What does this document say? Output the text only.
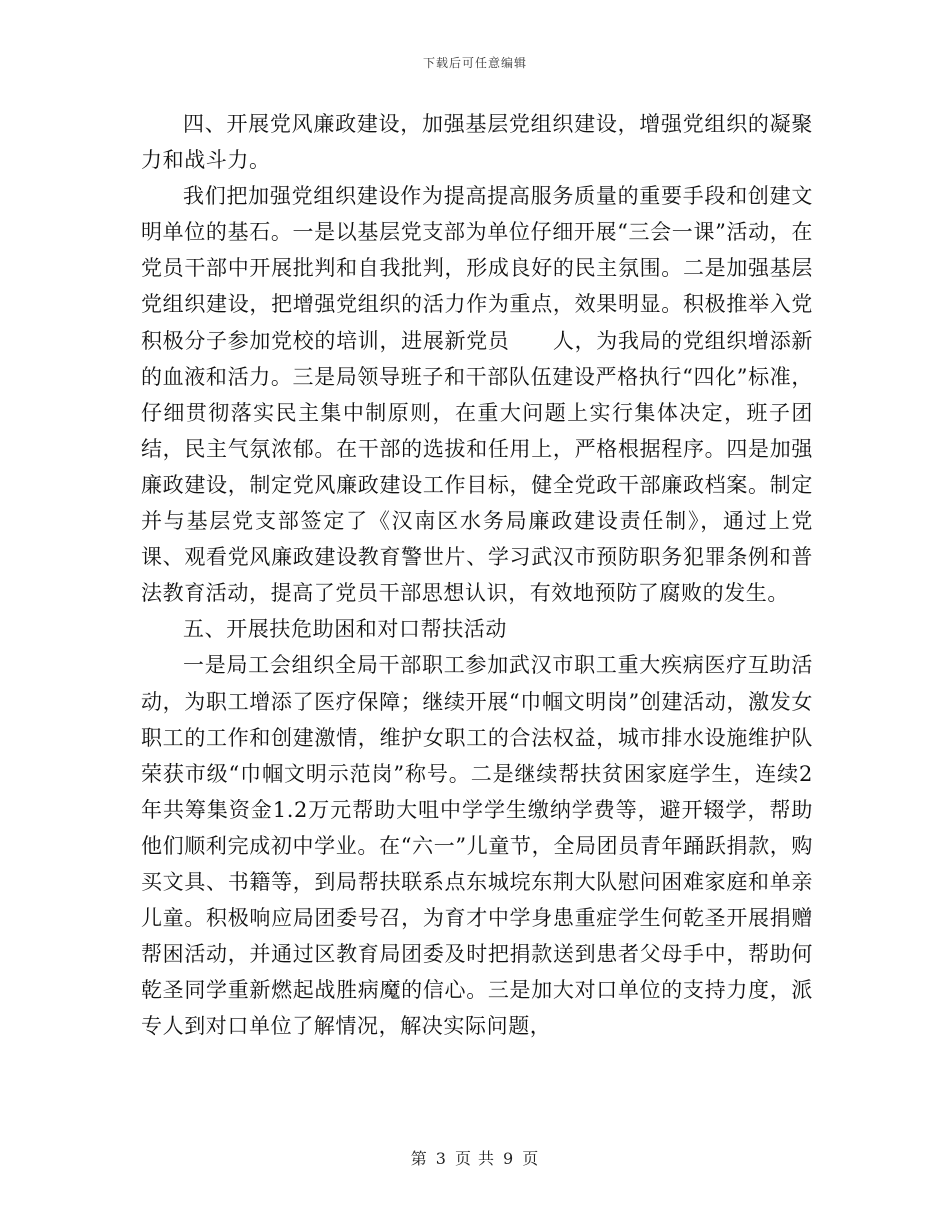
下载后可任意编辑

四、开展党风廉政建设，加强基层党组织建设，增强党组织的凝聚力和战斗力。

我们把加强党组织建设作为提高提高服务质量的重要手段和创建文明单位的基石。一是以基层党支部为单位仔细开展“三会一课”活动，在党员干部中开展批判和自我批判，形成良好的民主氛围。二是加强基层党组织建设，把增强党组织的活力作为重点，效果明显。积极推举入党积极分子参加党校的培训，进展新党员　　人，为我局的党组织增添新的血液和活力。三是局领导班子和干部队伍建设严格执行“四化”标准，仔细贯彻落实民主集中制原则，在重大问题上实行集体决定，班子团结，民主气氛浓郁。在干部的选拔和任用上，严格根据程序。四是加强廉政建设，制定党风廉政建设工作目标，健全党政干部廉政档案。制定并与基层党支部签定了《汉南区水务局廉政建设责任制》，通过上党课、观看党风廉政建设教育警世片、学习武汉市预防职务犯罪条例和普法教育活动，提高了党员干部思想认识，有效地预防了腐败的发生。

五、开展扶危助困和对口帮扶活动

一是局工会组织全局干部职工参加武汉市职工重大疾病医疗互助活动，为职工增添了医疗保障；继续开展“巾帼文明岗”创建活动，激发女职工的工作和创建激情，维护女职工的合法权益，城市排水设施维护队荣获市级“巾帼文明示范岗”称号。二是继续帮扶贫困家庭学生，连续2年共筹集资金1.2万元帮助大咀中学学生缴纳学费等，避开辍学，帮助他们顺利完成初中学业。在“六一”儿童节，全局团员青年踊跃捐款，购买文具、书籍等，到局帮扶联系点东城垸东荆大队慰问困难家庭和单亲儿童。积极响应局团委号召，为育才中学身患重症学生何乾圣开展捐赠帮困活动，并通过区教育局团委及时把捐款送到患者父母手中，帮助何乾圣同学重新燃起战胜病魔的信心。三是加大对口单位的支持力度，派专人到对口单位了解情况，解决实际问题，

第 3 页 共 9 页
